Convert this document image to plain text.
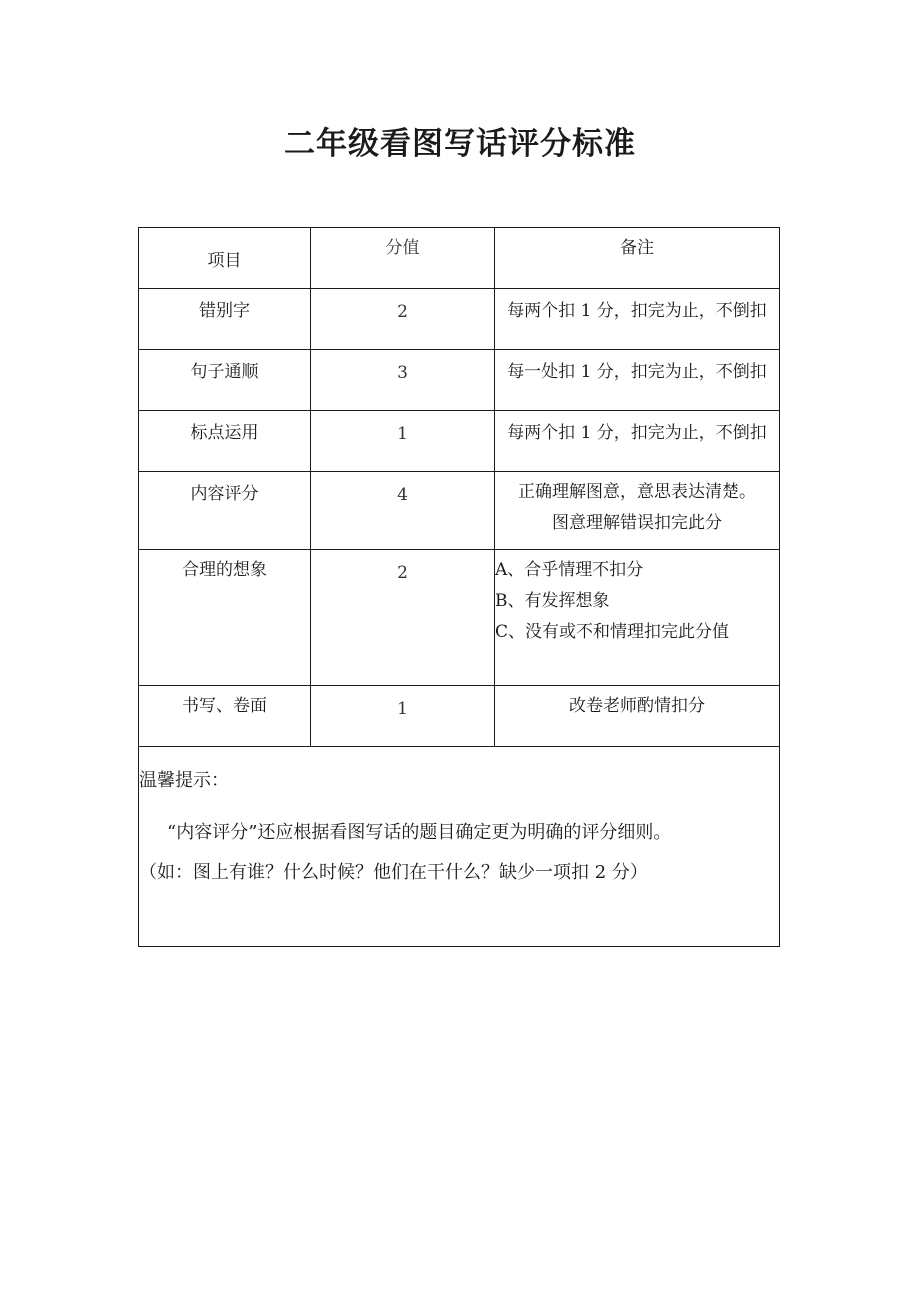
二年级看图写话评分标准
项目	分值	备注
错别字	2	每两个扣 1 分，扣完为止，不倒扣

句子通顺	3	每一处扣 1 分，扣完为止，不倒扣

标点运用	1	每两个扣 1 分，扣完为止，不倒扣

内容评分	4	正确理解图意，意思表达清楚。
图意理解错误扣完此分

合理的想象	2	A、合乎情理不扣分
B、有发挥想象
C、没有或不和情理扣完此分值

书写、卷面	1	改卷老师酌情扣分

温馨提示：
“内容评分”还应根据看图写话的题目确定更为明确的评分细则。
（如：图上有谁？什么时候？他们在干什么？缺少一项扣 2 分）		
